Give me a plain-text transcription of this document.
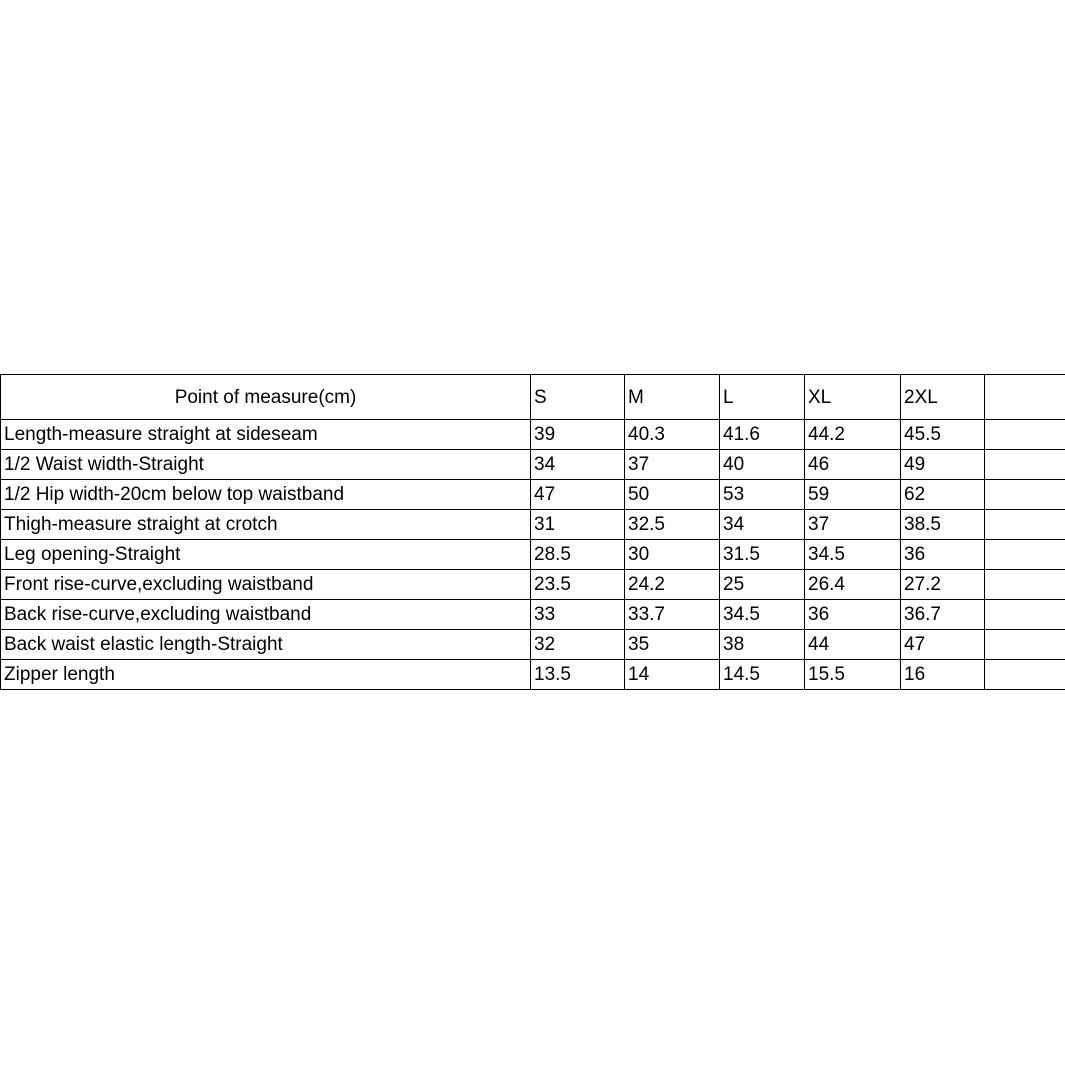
Point of measure(cm)	S	M	L	XL	2XL	
Length-measure straight at sideseam	39	40.3	41.6	44.2	45.5	
1/2 Waist width-Straight	34	37	40	46	49	
1/2 Hip width-20cm below top waistband	47	50	53	59	62	
Thigh-measure straight at crotch	31	32.5	34	37	38.5	
Leg opening-Straight	28.5	30	31.5	34.5	36	
Front rise-curve,excluding waistband	23.5	24.2	25	26.4	27.2	
Back rise-curve,excluding waistband	33	33.7	34.5	36	36.7	
Back waist elastic length-Straight	32	35	38	44	47	
Zipper length	13.5	14	14.5	15.5	16	
